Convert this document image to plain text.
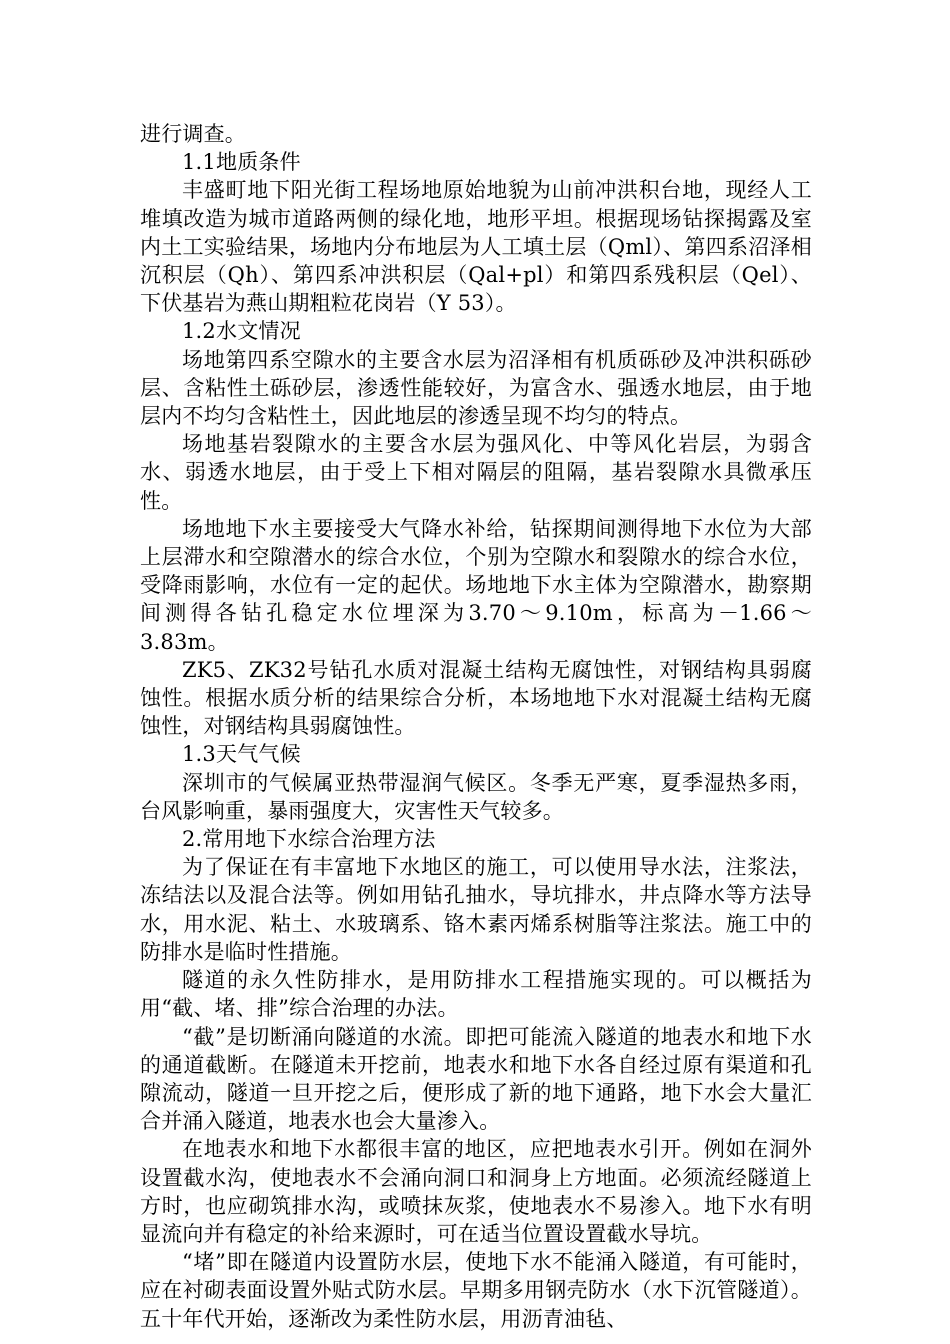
进行调查。

1.1地质条件

丰盛町地下阳光街工程场地原始地貌为山前冲洪积台地，现经人工堆填改造为城市道路两侧的绿化地，地形平坦。根据现场钻探揭露及室内土工实验结果，场地内分布地层为人工填土层（Qml）、第四系沼泽相沉积层（Qh）、第四系冲洪积层（Qal+pl）和第四系残积层（Qel）、下伏基岩为燕山期粗粒花岗岩（Y 53）。

1.2水文情况

场地第四系空隙水的主要含水层为沼泽相有机质砾砂及冲洪积砾砂层、含粘性土砾砂层，渗透性能较好，为富含水、强透水地层，由于地层内不均匀含粘性土，因此地层的渗透呈现不均匀的特点。

场地基岩裂隙水的主要含水层为强风化、中等风化岩层，为弱含水、弱透水地层，由于受上下相对隔层的阻隔，基岩裂隙水具微承压性。

场地地下水主要接受大气降水补给，钻探期间测得地下水位为大部上层滞水和空隙潜水的综合水位，个别为空隙水和裂隙水的综合水位，受降雨影响，水位有一定的起伏。场地地下水主体为空隙潜水，勘察期间测得各钻孔稳定水位埋深为3.70～9.10m，标高为－1.66～3.83m。

ZK5、ZK32号钻孔水质对混凝土结构无腐蚀性，对钢结构具弱腐蚀性。根据水质分析的结果综合分析，本场地地下水对混凝土结构无腐蚀性，对钢结构具弱腐蚀性。

1.3天气气候

深圳市的气候属亚热带湿润气候区。冬季无严寒，夏季湿热多雨，台风影响重，暴雨强度大，灾害性天气较多。

2.常用地下水综合治理方法

为了保证在有丰富地下水地区的施工，可以使用导水法，注浆法，冻结法以及混合法等。例如用钻孔抽水，导坑排水，井点降水等方法导水，用水泥、粘土、水玻璃系、铬木素丙烯系树脂等注浆法。施工中的防排水是临时性措施。

隧道的永久性防排水，是用防排水工程措施实现的。可以概括为用“截、堵、排”综合治理的办法。

“截”是切断涌向隧道的水流。即把可能流入隧道的地表水和地下水的通道截断。在隧道未开挖前，地表水和地下水各自经过原有渠道和孔隙流动，隧道一旦开挖之后，便形成了新的地下通路，地下水会大量汇合并涌入隧道，地表水也会大量渗入。

在地表水和地下水都很丰富的地区，应把地表水引开。例如在洞外设置截水沟，使地表水不会涌向洞口和洞身上方地面。必须流经隧道上方时，也应砌筑排水沟，或喷抹灰浆，使地表水不易渗入。地下水有明显流向并有稳定的补给来源时，可在适当位置设置截水导坑。

“堵”即在隧道内设置防水层，使地下水不能涌入隧道，有可能时，应在衬砌表面设置外贴式防水层。早期多用钢壳防水（水下沉管隧道）。五十年代开始，逐渐改为柔性防水层，用沥青油毡、
